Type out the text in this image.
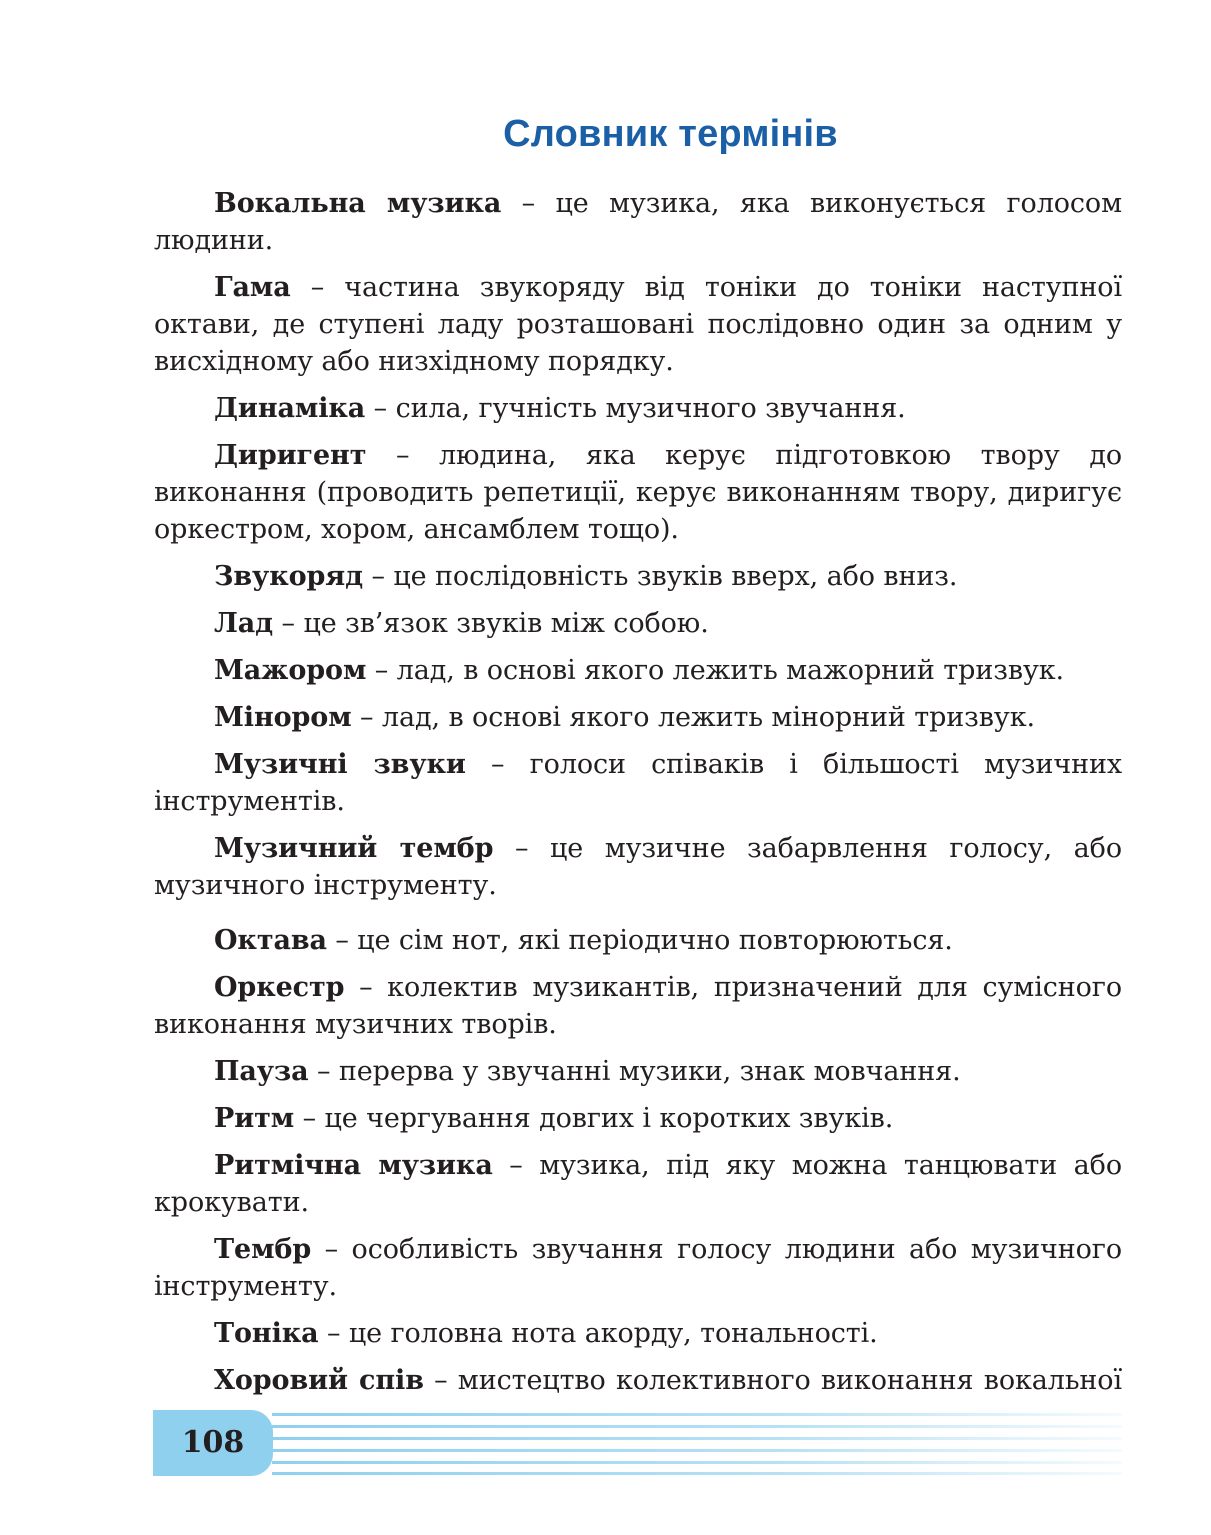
Словник термінів

Вокальна музика – це музика, яка виконується голосом людини.

Гама – частина звукоряду від тоніки до тоніки наступної октави, де ступені ладу розташовані послідовно один за одним у висхідному або низхідному порядку.

Динаміка – сила, гучність музичного звучання.

Диригент – людина, яка керує підготовкою твору до виконання (проводить репетиції, керує виконанням твору, диригує оркестром, хором, ансамблем тощо).

Звукоряд – це послідовність звуків вверх, або вниз.

Лад – це зв’язок звуків між собою.

Мажором – лад, в основі якого лежить мажорний тризвук.

Мінором – лад, в основі якого лежить мінорний тризвук.

Музичні звуки – голоси співаків і більшості музичних інструментів.

Музичний тембр – це музичне забарвлення голосу, або музичного інструменту.

Октава – це сім нот, які періодично повторюються.

Оркестр – колектив музикантів, призначений для сумісного виконання музичних творів.

Пауза – перерва у звучанні музики, знак мовчання.

Ритм – це чергування довгих і коротких звуків.

Ритмічна музика – музика, під яку можна танцювати або крокувати.

Тембр – особливість звучання голосу людини або музичного інструменту.

Тоніка – це головна нота акорду, тональності.

Хоровий спів – мистецтво колективного виконання вокальної

108
